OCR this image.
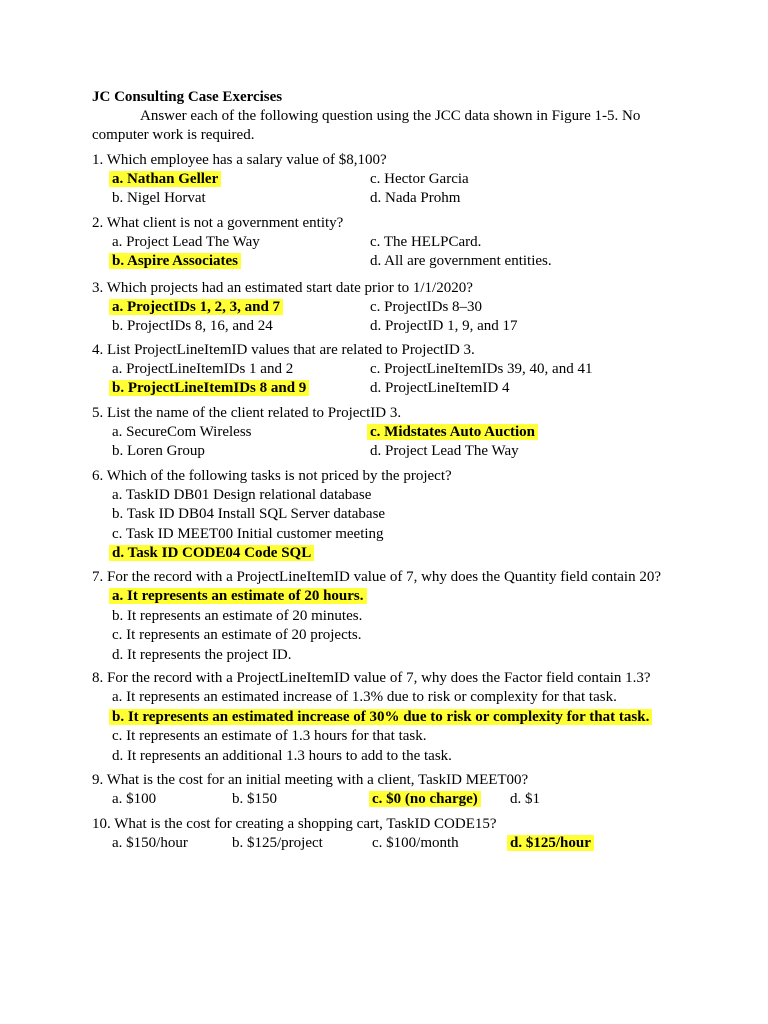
JC Consulting Case Exercises
Answer each of the following question using the JCC data shown in Figure 1-5. No
computer work is required.
1. Which employee has a salary value of $8,100?
a. Nathan Geller	c. Hector Garcia
b. Nigel Horvat	d. Nada Prohm
2. What client is not a government entity?
a. Project Lead The Way	c. The HELPCard.
b. Aspire Associates	d. All are government entities.
3. Which projects had an estimated start date prior to 1/1/2020?
a. ProjectIDs 1, 2, 3, and 7	c. ProjectIDs 8–30
b. ProjectIDs 8, 16, and 24	d. ProjectID 1, 9, and 17
4. List ProjectLineItemID values that are related to ProjectID 3.
a. ProjectLineItemIDs 1 and 2	c. ProjectLineItemIDs 39, 40, and 41
b. ProjectLineItemIDs 8 and 9	d. ProjectLineItemID 4
5. List the name of the client related to ProjectID 3.
a. SecureCom Wireless	c. Midstates Auto Auction
b. Loren Group	d. Project Lead The Way
6. Which of the following tasks is not priced by the project?
a. TaskID DB01 Design relational database
b. Task ID DB04 Install SQL Server database
c. Task ID MEET00 Initial customer meeting
d. Task ID CODE04 Code SQL
7. For the record with a ProjectLineItemID value of 7, why does the Quantity field contain 20?
a. It represents an estimate of 20 hours.
b. It represents an estimate of 20 minutes.
c. It represents an estimate of 20 projects.
d. It represents the project ID.
8. For the record with a ProjectLineItemID value of 7, why does the Factor field contain 1.3?
a. It represents an estimated increase of 1.3% due to risk or complexity for that task.
b. It represents an estimated increase of 30% due to risk or complexity for that task.
c. It represents an estimate of 1.3 hours for that task.
d. It represents an additional 1.3 hours to add to the task.
9. What is the cost for an initial meeting with a client, TaskID MEET00?
a. $100	b. $150	c. $0 (no charge) d. $1
10. What is the cost for creating a shopping cart, TaskID CODE15?
a. $150/hour	b. $125/project	c. $100/month	d. $125/hour
